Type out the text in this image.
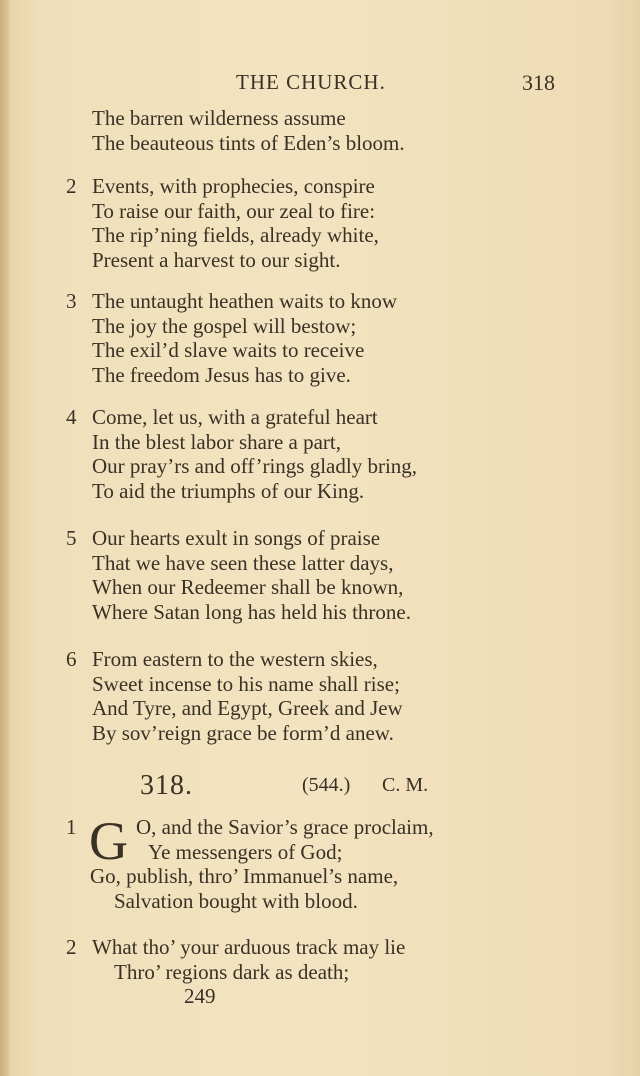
THE CHURCH.	318
The barren wilderness assume
The beauteous tints of Eden’s bloom.
2 Events, with prophecies, conspire
To raise our faith, our zeal to fire:
The rip’ning fields, already white,
Present a harvest to our sight.
3 The untaught heathen waits to know
The joy the gospel will bestow;
The exil’d slave waits to receive
The freedom Jesus has to give.
4 Come, let us, with a grateful heart
In the blest labor share a part,
Our pray’rs and off’rings gladly bring,
To aid the triumphs of our King.
5 Our hearts exult in songs of praise
That we have seen these latter days,
When our Redeemer shall be known,
Where Satan long has held his throne.
6 From eastern to the western skies,
Sweet incense to his name shall rise;
And Tyre, and Egypt, Greek and Jew
By sov’reign grace be form’d anew.
318.	(544.) C. M.
G
1	O, and the Savior’s grace proclaim,
Ye messengers of God;
Go, publish, thro’ Immanuel’s name,
Salvation bought with blood.
2 What tho’ your arduous track may lie
Thro’ regions dark as death;
249
